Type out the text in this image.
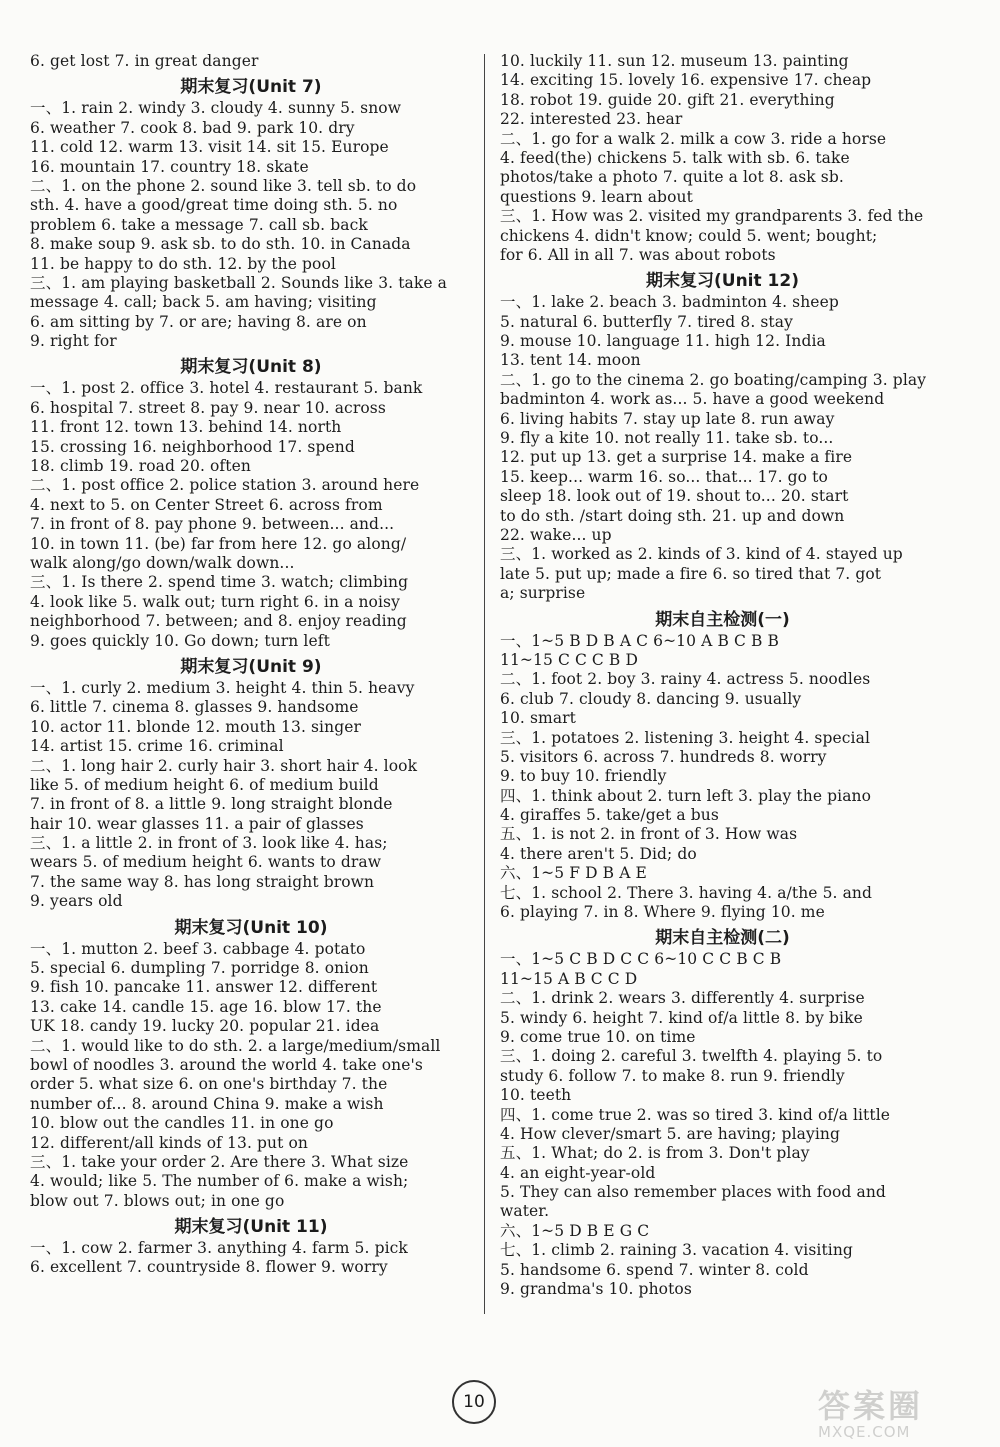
6. get lost 7. in great danger
期末复习(Unit 7)
一、1. rain 2. windy 3. cloudy 4. sunny 5. snow
6. weather 7. cook 8. bad 9. park 10. dry
11. cold 12. warm 13. visit 14. sit 15. Europe
16. mountain 17. country 18. skate
二、1. on the phone 2. sound like 3. tell sb. to do
sth. 4. have a good/great time doing sth. 5. no
problem 6. take a message 7. call sb. back
8. make soup 9. ask sb. to do sth. 10. in Canada
11. be happy to do sth. 12. by the pool
三、1. am playing basketball 2. Sounds like 3. take a
message 4. call; back 5. am having; visiting
6. am sitting by 7. or are; having 8. are on
9. right for
期末复习(Unit 8)
一、1. post 2. office 3. hotel 4. restaurant 5. bank
6. hospital 7. street 8. pay 9. near 10. across
11. front 12. town 13. behind 14. north
15. crossing 16. neighborhood 17. spend
18. climb 19. road 20. often
二、1. post office 2. police station 3. around here
4. next to 5. on Center Street 6. across from
7. in front of 8. pay phone 9. between... and...
10. in town 11. (be) far from here 12. go along/
walk along/go down/walk down...
三、1. Is there 2. spend time 3. watch; climbing
4. look like 5. walk out; turn right 6. in a noisy
neighborhood 7. between; and 8. enjoy reading
9. goes quickly 10. Go down; turn left
期末复习(Unit 9)
一、1. curly 2. medium 3. height 4. thin 5. heavy
6. little 7. cinema 8. glasses 9. handsome
10. actor 11. blonde 12. mouth 13. singer
14. artist 15. crime 16. criminal
二、1. long hair 2. curly hair 3. short hair 4. look
like 5. of medium height 6. of medium build
7. in front of 8. a little 9. long straight blonde
hair 10. wear glasses 11. a pair of glasses
三、1. a little 2. in front of 3. look like 4. has;
wears 5. of medium height 6. wants to draw
7. the same way 8. has long straight brown
9. years old
期末复习(Unit 10)
一、1. mutton 2. beef 3. cabbage 4. potato
5. special 6. dumpling 7. porridge 8. onion
9. fish 10. pancake 11. answer 12. different
13. cake 14. candle 15. age 16. blow 17. the
UK 18. candy 19. lucky 20. popular 21. idea
二、1. would like to do sth. 2. a large/medium/small
bowl of noodles 3. around the world 4. take one's
order 5. what size 6. on one's birthday 7. the
number of... 8. around China 9. make a wish
10. blow out the candles 11. in one go
12. different/all kinds of 13. put on
三、1. take your order 2. Are there 3. What size
4. would; like 5. The number of 6. make a wish;
blow out 7. blows out; in one go
期末复习(Unit 11)
一、1. cow 2. farmer 3. anything 4. farm 5. pick
6. excellent 7. countryside 8. flower 9. worry
10. luckily 11. sun 12. museum 13. painting
14. exciting 15. lovely 16. expensive 17. cheap
18. robot 19. guide 20. gift 21. everything
22. interested 23. hear
二、1. go for a walk 2. milk a cow 3. ride a horse
4. feed(the) chickens 5. talk with sb. 6. take
photos/take a photo 7. quite a lot 8. ask sb.
questions 9. learn about
三、1. How was 2. visited my grandparents 3. fed the
chickens 4. didn't know; could 5. went; bought;
for 6. All in all 7. was about robots
期末复习(Unit 12)
一、1. lake 2. beach 3. badminton 4. sheep
5. natural 6. butterfly 7. tired 8. stay
9. mouse 10. language 11. high 12. India
13. tent 14. moon
二、1. go to the cinema 2. go boating/camping 3. play
badminton 4. work as... 5. have a good weekend
6. living habits 7. stay up late 8. run away
9. fly a kite 10. not really 11. take sb. to...
12. put up 13. get a surprise 14. make a fire
15. keep... warm 16. so... that... 17. go to
sleep 18. look out of 19. shout to... 20. start
to do sth. /start doing sth. 21. up and down
22. wake... up
三、1. worked as 2. kinds of 3. kind of 4. stayed up
late 5. put up; made a fire 6. so tired that 7. got
a; surprise
期末自主检测(一)
一、1~5 B D B A C 6~10 A B C B B
11~15 C C C B D
二、1. foot 2. boy 3. rainy 4. actress 5. noodles
6. club 7. cloudy 8. dancing 9. usually
10. smart
三、1. potatoes 2. listening 3. height 4. special
5. visitors 6. across 7. hundreds 8. worry
9. to buy 10. friendly
四、1. think about 2. turn left 3. play the piano
4. giraffes 5. take/get a bus
五、1. is not 2. in front of 3. How was
4. there aren't 5. Did; do
六、1~5 F D B A E
七、1. school 2. There 3. having 4. a/the 5. and
6. playing 7. in 8. Where 9. flying 10. me
期末自主检测(二)
一、1~5 C B D C C 6~10 C C B C B
11~15 A B C C D
二、1. drink 2. wears 3. differently 4. surprise
5. windy 6. height 7. kind of/a little 8. by bike
9. come true 10. on time
三、1. doing 2. careful 3. twelfth 4. playing 5. to
study 6. follow 7. to make 8. run 9. friendly
10. teeth
四、1. come true 2. was so tired 3. kind of/a little
4. How clever/smart 5. are having; playing
五、1. What; do 2. is from 3. Don't play
4. an eight-year-old
5. They can also remember places with food and
water.
六、1~5 D B E G C
七、1. climb 2. raining 3. vacation 4. visiting
5. handsome 6. spend 7. winter 8. cold
9. grandma's 10. photos
10	答案圈
MXQE.COM
